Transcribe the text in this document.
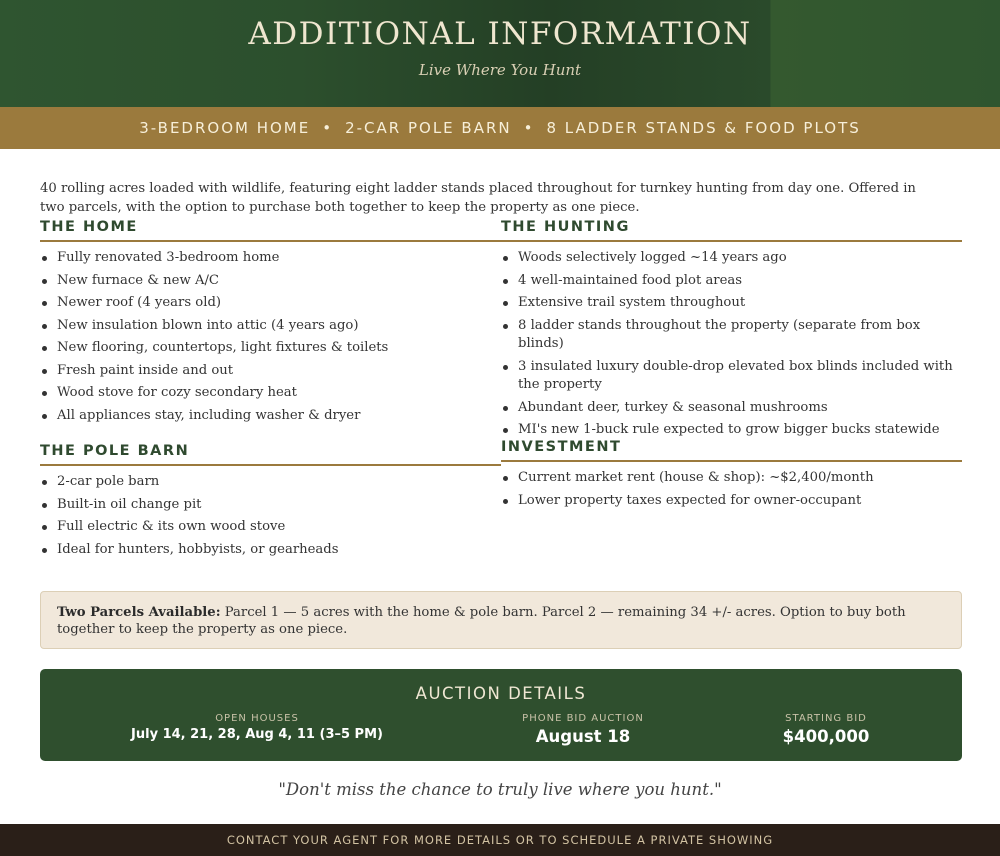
ADDITIONAL INFORMATION
Live Where You Hunt
3-BEDROOM HOME • 2-CAR POLE BARN • 8 LADDER STANDS & FOOD PLOTS

40 rolling acres loaded with wildlife, featuring eight ladder stands placed throughout for turnkey hunting from day one. Offered in two parcels, with the option to purchase both together to keep the property as one piece.

THE HOME
Fully renovated 3-bedroom home
New furnace & new A/C
Newer roof (4 years old)
New insulation blown into attic (4 years ago)
New flooring, countertops, light fixtures & toilets
Fresh paint inside and out
Wood stove for cozy secondary heat
All appliances stay, including washer & dryer
THE POLE BARN
2-car pole barn
Built-in oil change pit
Full electric & its own wood stove
Ideal for hunters, hobbyists, or gearheads
THE HUNTING
Woods selectively logged ~14 years ago
4 well-maintained food plot areas
Extensive trail system throughout
8 ladder stands throughout the property (separate from box blinds)
3 insulated luxury double-drop elevated box blinds included with the property
Abundant deer, turkey & seasonal mushrooms
MI's new 1-buck rule expected to grow bigger bucks statewide
INVESTMENT
Current market rent (house & shop): ~$2,400/month
Lower property taxes expected for owner-occupant
Two Parcels Available: Parcel 1 — 5 acres with the home & pole barn. Parcel 2 — remaining 34 +/- acres. Option to buy both together to keep the property as one piece.
AUCTION DETAILS
OPEN HOUSES
July 14, 21, 28, Aug 4, 11 (3–5 PM)
PHONE BID AUCTION
August 18
STARTING BID
$400,000
"Don't miss the chance to truly live where you hunt."
CONTACT YOUR AGENT FOR MORE DETAILS OR TO SCHEDULE A PRIVATE SHOWING
